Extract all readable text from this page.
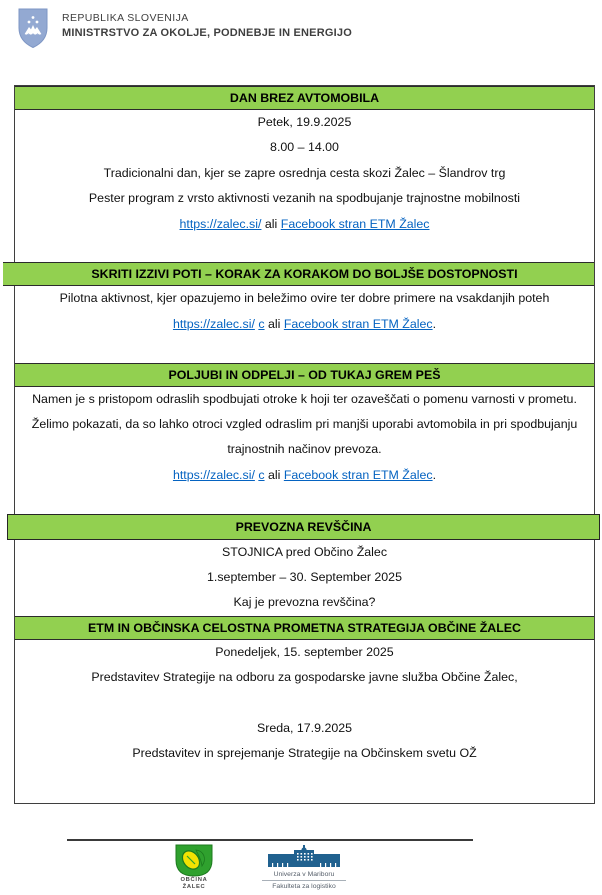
REPUBLIKA SLOVENIJA
MINISTRSTVO ZA OKOLJE, PODNEBJE IN ENERGIJO
DAN BREZ AVTOMOBILA
Petek, 19.9.2025
8.00 – 14.00
Tradicionalni dan, kjer se zapre osrednja cesta skozi Žalec – Šlandrov trg
Pester program z vrsto aktivnosti vezanih na spodbujanje trajnostne mobilnosti
https://zalec.si/ ali Facebook stran ETM Žalec
SKRITI IZZIVI POTI – KORAK ZA KORAKOM DO BOLJŠE DOSTOPNOSTI
Pilotna aktivnost, kjer opazujemo in beležimo ovire ter dobre primere na vsakdanjih poteh
https://zalec.si/ c ali Facebook stran ETM Žalec.
POLJUBI IN ODPELJI – OD TUKAJ GREM PEŠ
Namen je s pristopom odraslih spodbujati otroke k hoji ter ozaveščati o pomenu varnosti v prometu.
Želimo pokazati, da so lahko otroci vzgled odraslim pri manjši uporabi avtomobila in pri spodbujanju
trajnostnih načinov prevoza.
https://zalec.si/ c ali Facebook stran ETM Žalec.
PREVOZNA REVŠČINA
STOJNICA pred Občino Žalec
1.september – 30. September 2025
Kaj je prevozna revščina?
ETM IN OBČINSKA CELOSTNA PROMETNA STRATEGIJA OBČINE ŽALEC
Ponedeljek, 15. september 2025
Predstavitev Strategije na odboru za gospodarske javne služba Občine Žalec,
Sreda, 17.9.2025
Predstavitev in sprejemanje Strategije na Občinskem svetu OŽ
OBČINA
ŽALEC
Univerza v Mariboru
Fakulteta za logistiko
